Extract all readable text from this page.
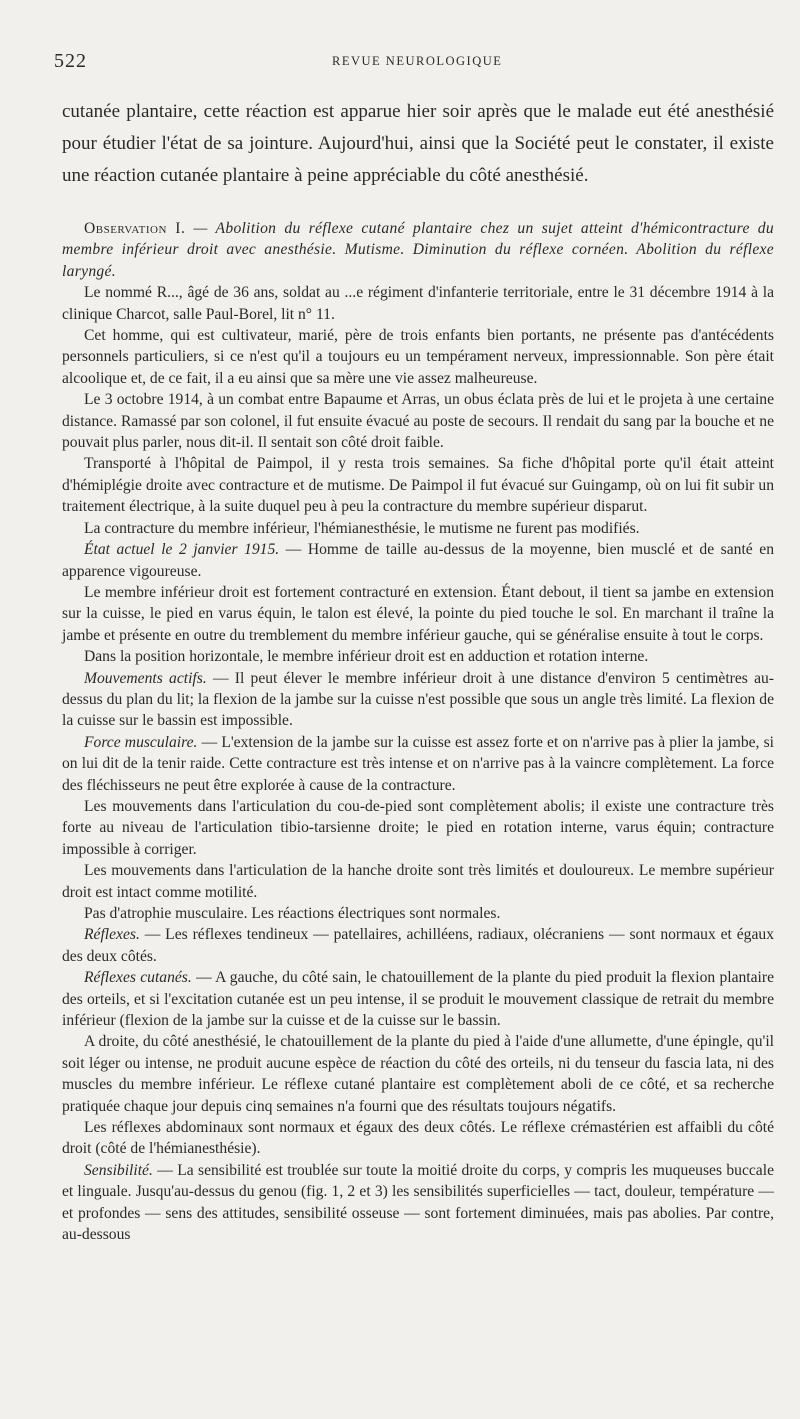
522	REVUE NEUROLOGIQUE
cutanée plantaire, cette réaction est apparue hier soir après que le malade eut été anesthésié pour étudier l'état de sa jointure. Aujourd'hui, ainsi que la Société peut le constater, il existe une réaction cutanée plantaire à peine appréciable du côté anesthésié.

Observation I. — Abolition du réflexe cutané plantaire chez un sujet atteint d'hémicontracture du membre inférieur droit avec anesthésie. Mutisme. Diminution du réflexe cornéen. Abolition du réflexe laryngé.

Le nommé R..., âgé de 36 ans, soldat au ...e régiment d'infanterie territoriale, entre le 31 décembre 1914 à la clinique Charcot, salle Paul-Borel, lit n° 11.

Cet homme, qui est cultivateur, marié, père de trois enfants bien portants, ne présente pas d'antécédents personnels particuliers, si ce n'est qu'il a toujours eu un tempérament nerveux, impressionnable. Son père était alcoolique et, de ce fait, il a eu ainsi que sa mère une vie assez malheureuse.

Le 3 octobre 1914, à un combat entre Bapaume et Arras, un obus éclata près de lui et le projeta à une certaine distance. Ramassé par son colonel, il fut ensuite évacué au poste de secours. Il rendait du sang par la bouche et ne pouvait plus parler, nous dit-il. Il sentait son côté droit faible.

Transporté à l'hôpital de Paimpol, il y resta trois semaines. Sa fiche d'hôpital porte qu'il était atteint d'hémiplégie droite avec contracture et de mutisme. De Paimpol il fut évacué sur Guingamp, où on lui fit subir un traitement électrique, à la suite duquel peu à peu la contracture du membre supérieur disparut.

La contracture du membre inférieur, l'hémianesthésie, le mutisme ne furent pas modifiés.

État actuel le 2 janvier 1915. — Homme de taille au-dessus de la moyenne, bien musclé et de santé en apparence vigoureuse.

Le membre inférieur droit est fortement contracturé en extension. Étant debout, il tient sa jambe en extension sur la cuisse, le pied en varus équin, le talon est élevé, la pointe du pied touche le sol. En marchant il traîne la jambe et présente en outre du tremblement du membre inférieur gauche, qui se généralise ensuite à tout le corps.

Dans la position horizontale, le membre inférieur droit est en adduction et rotation interne.

Mouvements actifs. — Il peut élever le membre inférieur droit à une distance d'environ 5 centimètres au-dessus du plan du lit; la flexion de la jambe sur la cuisse n'est possible que sous un angle très limité. La flexion de la cuisse sur le bassin est impossible.

Force musculaire. — L'extension de la jambe sur la cuisse est assez forte et on n'arrive pas à plier la jambe, si on lui dit de la tenir raide. Cette contracture est très intense et on n'arrive pas à la vaincre complètement. La force des fléchisseurs ne peut être explorée à cause de la contracture.

Les mouvements dans l'articulation du cou-de-pied sont complètement abolis; il existe une contracture très forte au niveau de l'articulation tibio-tarsienne droite; le pied en rotation interne, varus équin; contracture impossible à corriger.

Les mouvements dans l'articulation de la hanche droite sont très limités et douloureux. Le membre supérieur droit est intact comme motilité.

Pas d'atrophie musculaire. Les réactions électriques sont normales.

Réflexes. — Les réflexes tendineux — patellaires, achilléens, radiaux, olécraniens — sont normaux et égaux des deux côtés.

Réflexes cutanés. — A gauche, du côté sain, le chatouillement de la plante du pied produit la flexion plantaire des orteils, et si l'excitation cutanée est un peu intense, il se produit le mouvement classique de retrait du membre inférieur (flexion de la jambe sur la cuisse et de la cuisse sur le bassin.

A droite, du côté anesthésié, le chatouillement de la plante du pied à l'aide d'une allumette, d'une épingle, qu'il soit léger ou intense, ne produit aucune espèce de réaction du côté des orteils, ni du tenseur du fascia lata, ni des muscles du membre inférieur. Le réflexe cutané plantaire est complètement aboli de ce côté, et sa recherche pratiquée chaque jour depuis cinq semaines n'a fourni que des résultats toujours négatifs.

Les réflexes abdominaux sont normaux et égaux des deux côtés. Le réflexe crémastérien est affaibli du côté droit (côté de l'hémianesthésie).

Sensibilité. — La sensibilité est troublée sur toute la moitié droite du corps, y compris les muqueuses buccale et linguale. Jusqu'au-dessus du genou (fig. 1, 2 et 3) les sensibilités superficielles — tact, douleur, température — et profondes — sens des attitudes, sensibilité osseuse — sont fortement diminuées, mais pas abolies. Par contre, au-dessous
